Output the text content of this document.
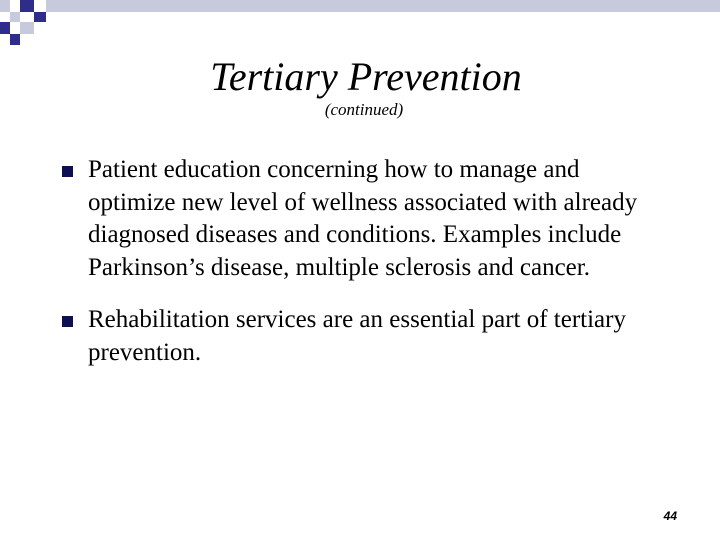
Tertiary Prevention
(continued)
Patient education concerning how to manage and optimize new level of wellness associated with already diagnosed diseases and conditions. Examples include Parkinson’s disease, multiple sclerosis and cancer.
Rehabilitation services are an essential part of tertiary prevention.
44
